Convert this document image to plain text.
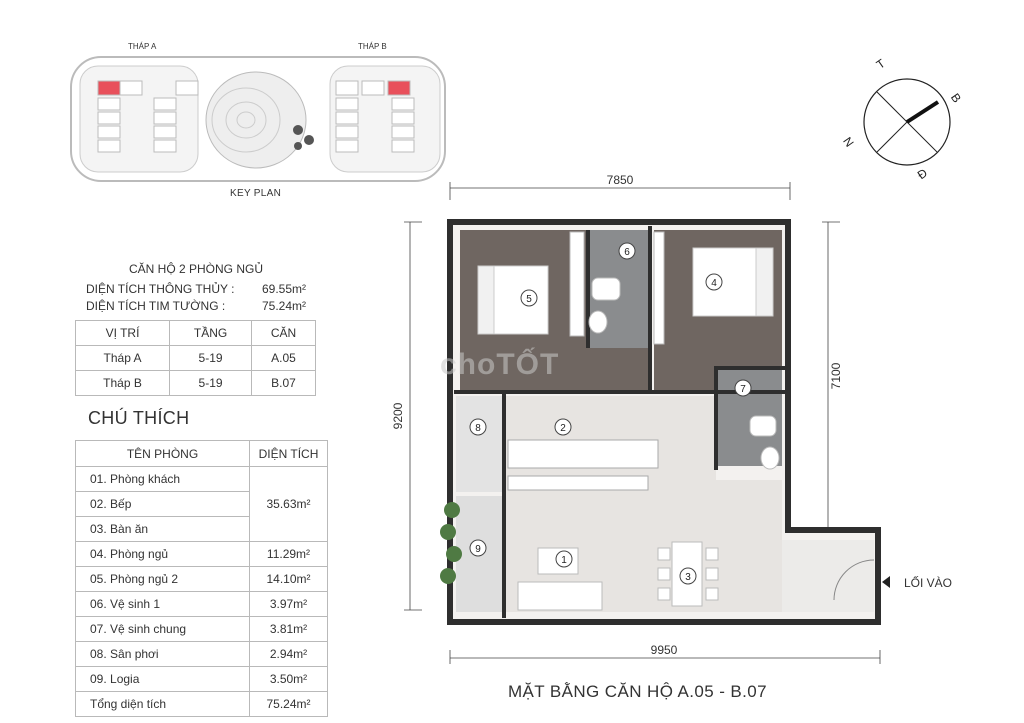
THÁP A	THÁP B
KEY PLAN
CĂN HỘ 2 PHÒNG NGỦ
DIỆN TÍCH THÔNG THỦY :	69.55m²
DIỆN TÍCH TIM TƯỜNG :	75.24m²
VỊ TRÍ	TẦNG	CĂN
Tháp A	5-19	A.05
Tháp B	5-19	B.07
CHÚ THÍCH
TÊN PHÒNG	DIỆN TÍCH
01. Phòng khách	35.63m²
02. Bếp	
03. Bàn ăn	
04. Phòng ngủ	11.29m²
05. Phòng ngủ 2	14.10m²
06. Vệ sinh 1	3.97m²
07. Vệ sinh chung	3.81m²
08. Sân phơi	2.94m²
09. Logia	3.50m²
Tổng diện tích	75.24m²
T
B
N
Đ
7850
9200
7100
9950
1
2
3
4
5
6
7
8
9
choTỐT
LỐI VÀO
MẶT BẰNG CĂN HỘ A.05 - B.07
